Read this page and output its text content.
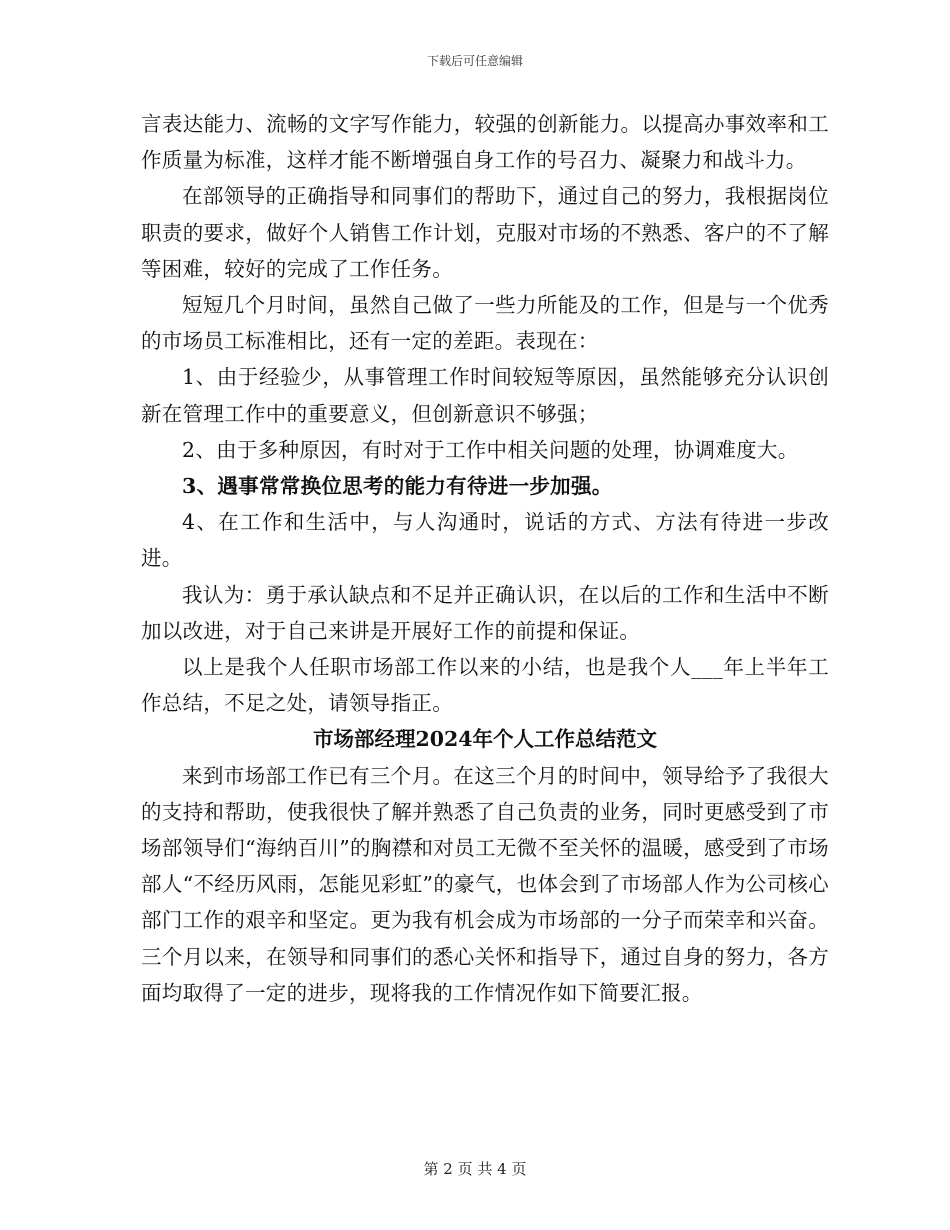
下载后可任意编辑

言表达能力、流畅的文字写作能力，较强的创新能力。以提高办事效率和工作质量为标准，这样才能不断增强自身工作的号召力、凝聚力和战斗力。

在部领导的正确指导和同事们的帮助下，通过自己的努力，我根据岗位职责的要求，做好个人销售工作计划，克服对市场的不熟悉、客户的不了解等困难，较好的完成了工作任务。

短短几个月时间，虽然自己做了一些力所能及的工作，但是与一个优秀的市场员工标准相比，还有一定的差距。表现在：

1、由于经验少，从事管理工作时间较短等原因，虽然能够充分认识创新在管理工作中的重要意义，但创新意识不够强；

2、由于多种原因，有时对于工作中相关问题的处理，协调难度大。

3、遇事常常换位思考的能力有待进一步加强。

4、在工作和生活中，与人沟通时，说话的方式、方法有待进一步改进。

我认为：勇于承认缺点和不足并正确认识，在以后的工作和生活中不断加以改进，对于自己来讲是开展好工作的前提和保证。

以上是我个人任职市场部工作以来的小结，也是我个人___年上半年工作总结，不足之处，请领导指正。

市场部经理2024年个人工作总结范文

来到市场部工作已有三个月。在这三个月的时间中，领导给予了我很大的支持和帮助，使我很快了解并熟悉了自己负责的业务，同时更感受到了市场部领导们“海纳百川”的胸襟和对员工无微不至关怀的温暖，感受到了市场部人“不经历风雨，怎能见彩虹”的豪气，也体会到了市场部人作为公司核心部门工作的艰辛和坚定。更为我有机会成为市场部的一分子而荣幸和兴奋。三个月以来，在领导和同事们的悉心关怀和指导下，通过自身的努力，各方面均取得了一定的进步，现将我的工作情况作如下简要汇报。

第 2 页 共 4 页
